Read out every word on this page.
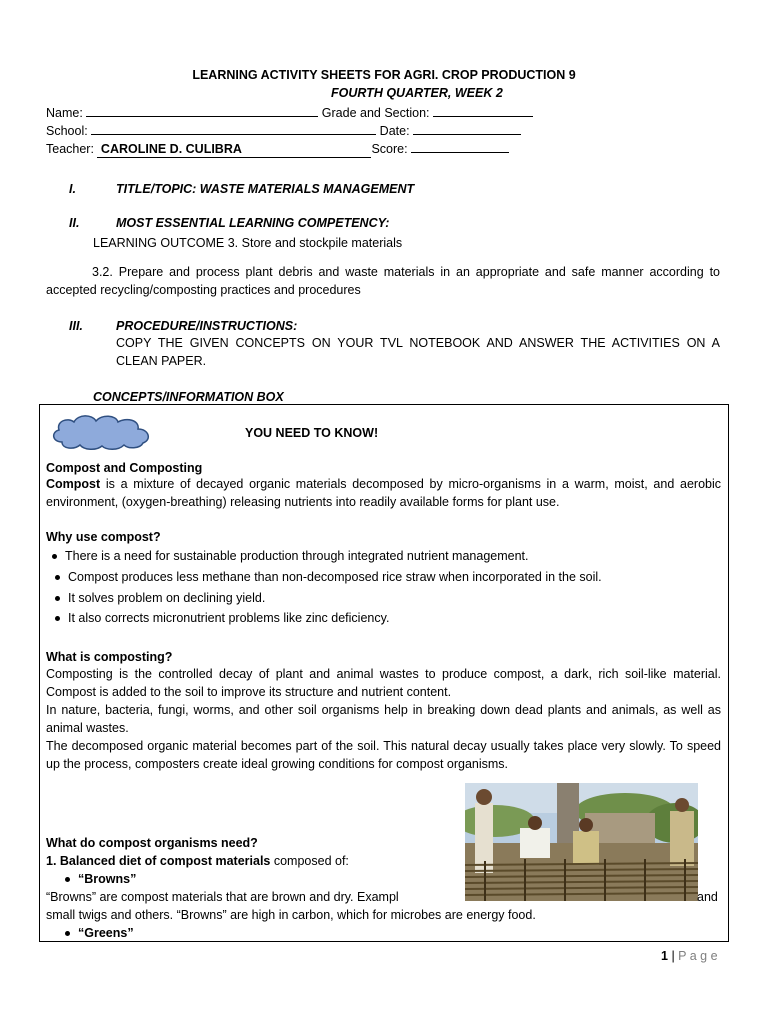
LEARNING ACTIVITY SHEETS FOR AGRI. CROP PRODUCTION 9
FOURTH QUARTER, WEEK 2
Name:	Grade and Section:
School:	Date:
Teacher: CAROLINE D. CULIBRA	Score:
I.	TITLE/TOPIC: WASTE MATERIALS MANAGEMENT
II.	MOST ESSENTIAL LEARNING COMPETENCY:
LEARNING OUTCOME 3. Store and stockpile materials
3.2. Prepare and process plant debris and waste materials in an appropriate and safe manner according to accepted recycling/composting practices and procedures
III.	PROCEDURE/INSTRUCTIONS:
COPY THE GIVEN CONCEPTS ON YOUR TVL NOTEBOOK AND ANSWER THE ACTIVITIES ON A CLEAN PAPER.
CONCEPTS/INFORMATION BOX
YOU NEED TO KNOW!
Compost and Composting
Compost is a mixture of decayed organic materials decomposed by micro-organisms in a warm, moist, and aerobic environment, (oxygen-breathing) releasing nutrients into readily available forms for plant use.
Why use compost?
There is a need for sustainable production through integrated nutrient management.
Compost produces less methane than non-decomposed rice straw when incorporated in the soil.
It solves problem on declining yield.
It also corrects micronutrient problems like zinc deficiency.
What is composting?
Composting is the controlled decay of plant and animal wastes to produce compost, a dark, rich soil-like material. Compost is added to the soil to improve its structure and nutrient content.
In nature, bacteria, fungi, worms, and other soil organisms help in breaking down dead plants and animals, as well as animal wastes.
The decomposed organic material becomes part of the soil. This natural decay usually takes place very slowly. To speed up the process, composters create ideal growing conditions for compost organisms.
What do compost organisms need?
1. Balanced diet of compost materials composed of:
“Browns”
“Browns” are compost materials that are brown and dry. Exampl	and
small twigs and others. “Browns” are high in carbon, which for microbes are energy food.
“Greens”
1 | P a g e
